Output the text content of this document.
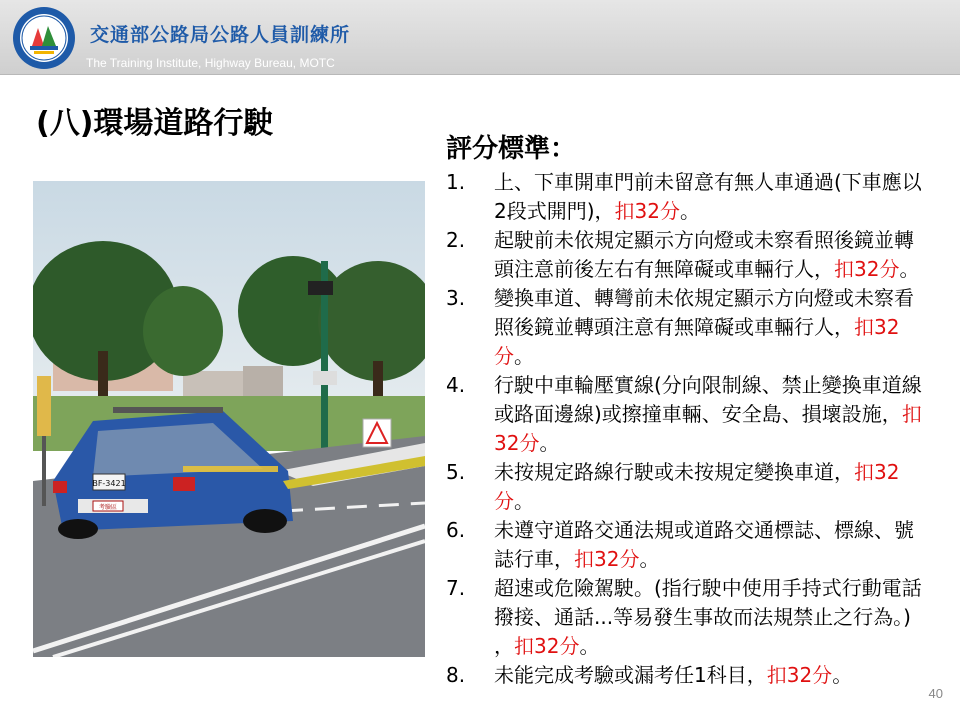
交通部公路局公路人員訓練所
The Training Institute, Highway Bureau, MOTC
(八)環場道路行駛
BF-3421
考驗區
評分標準：
1.	上、下車開車門前未留意有無人車通過(下車應以2段式開門)，扣32分。
2.	起駛前未依規定顯示方向燈或未察看照後鏡並轉頭注意前後左右有無障礙或車輛行人，扣32分。
3.	變換車道、轉彎前未依規定顯示方向燈或未察看照後鏡並轉頭注意有無障礙或車輛行人，扣32分。
4.	行駛中車輪壓實線(分向限制線、禁止變換車道線或路面邊線)或擦撞車輛、安全島、損壞設施，扣32分。
5.	未按規定路線行駛或未按規定變換車道，扣32分。
6.	未遵守道路交通法規或道路交通標誌、標線、號誌行車，扣32分。
7.	超速或危險駕駛。(指行駛中使用手持式行動電話撥接、通話...等易發生事故而法規禁止之行為。) ，扣32分。
8.	未能完成考驗或漏考任1科目，扣32分。
40
